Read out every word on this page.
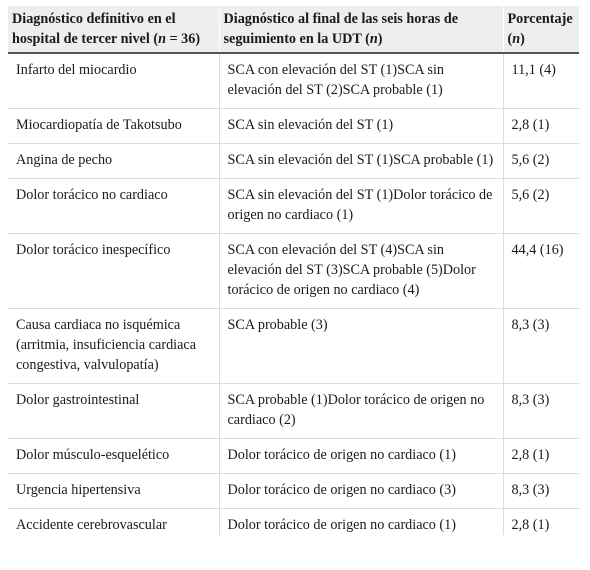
Diagnóstico definitivo en el hospital de tercer nivel (n = 36)	Diagnóstico al final de las seis horas de seguimiento en la UDT (n)	Porcentaje
(n)
Infarto del miocardio	SCA con elevación del ST (1)SCA sin elevación del ST (2)SCA probable (1)	11,1 (4)
Miocardiopatía de Takotsubo	SCA sin elevación del ST (1)	2,8 (1)
Angina de pecho	SCA sin elevación del ST (1)SCA probable (1)	5,6 (2)
Dolor torácico no cardiaco	SCA sin elevación del ST (1)Dolor torácico de origen no cardiaco (1)	5,6 (2)
Dolor torácico inespecífico	SCA con elevación del ST (4)SCA sin elevación del ST (3)SCA probable (5)Dolor torácico de origen no cardiaco (4)	44,4 (16)
Causa cardiaca no isquémica (arritmia, insuficiencia cardiaca congestiva, valvulopatía)	SCA probable (3)	8,3 (3)
Dolor gastrointestinal	SCA probable (1)Dolor torácico de origen no cardiaco (2)	8,3 (3)
Dolor músculo-esquelético	Dolor torácico de origen no cardiaco (1)	2,8 (1)
Urgencia hipertensiva	Dolor torácico de origen no cardiaco (3)	8,3 (3)
Accidente cerebrovascular	Dolor torácico de origen no cardiaco (1)	2,8 (1)
